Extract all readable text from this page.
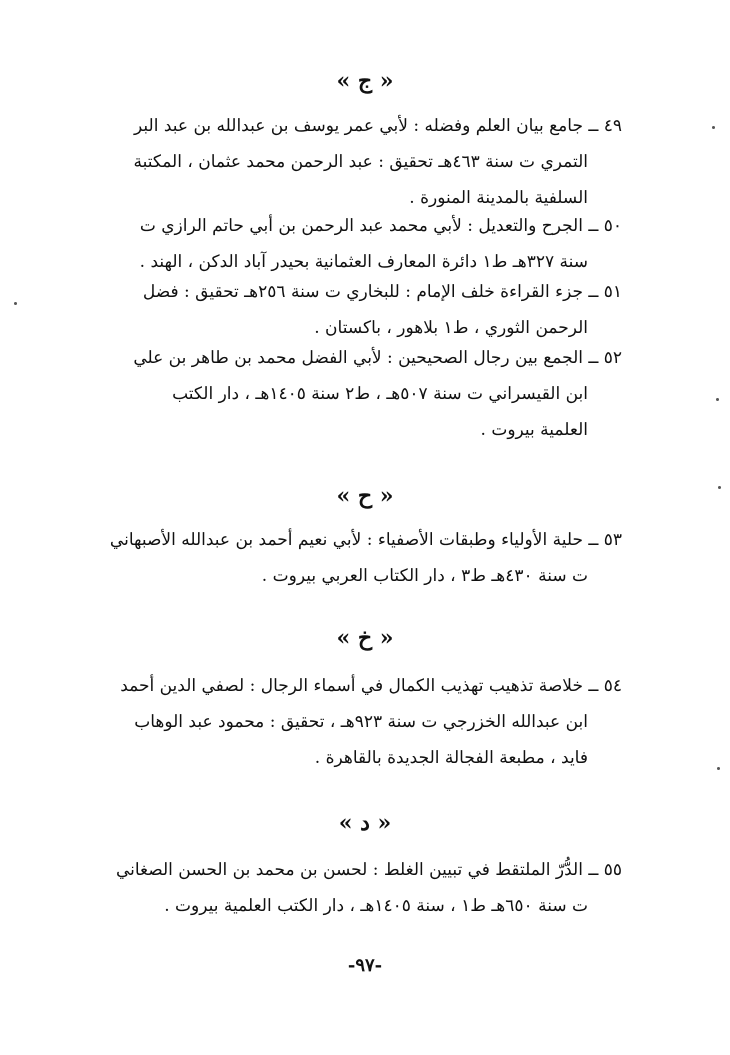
« ج »
٤٩ ــ جامع بيان العلم وفضله : لأبي عمر يوسف بن عبدالله بن عبد البر
التمري ت سنة ٤٦٣هـ تحقيق : عبد الرحمن محمد عثمان ، المكتبة
السلفية بالمدينة المنورة .
٥٠ ــ الجرح والتعديل : لأبي محمد عبد الرحمن بن أبي حاتم الرازي ت
سنة ٣٢٧هـ ط١ دائرة المعارف العثمانية بحيدر آباد الدكن ، الهند .
٥١ ــ جزء القراءة خلف الإمام : للبخاري ت سنة ٢٥٦هـ تحقيق : فضل
الرحمن الثوري ، ط١ بلاهور ، باكستان .
٥٢ ــ الجمع بين رجال الصحيحين : لأبي الفضل محمد بن طاهر بن علي
ابن القيسراني ت سنة ٥٠٧هـ ، ط٢ سنة ١٤٠٥هـ ، دار الكتب
العلمية بيروت .
« ح »
٥٣ ــ حلية الأولياء وطبقات الأصفياء : لأبي نعيم أحمد بن عبدالله الأصبهاني
ت سنة ٤٣٠هـ ط٣ ، دار الكتاب العربي بيروت .
« خ »
٥٤ ــ خلاصة تذهيب تهذيب الكمال في أسماء الرجال : لصفي الدين أحمد
ابن عبدالله الخزرجي ت سنة ٩٢٣هـ ، تحقيق : محمود عبد الوهاب
فايد ، مطبعة الفجالة الجديدة بالقاهرة .
« د »
٥٥ ــ الدُّرّ الملتقط في تبيين الغلط : لحسن بن محمد بن الحسن الصغاني
ت سنة ٦٥٠هـ ط١ ، سنة ١٤٠٥هـ ، دار الكتب العلمية بيروت .
-٩٧-
